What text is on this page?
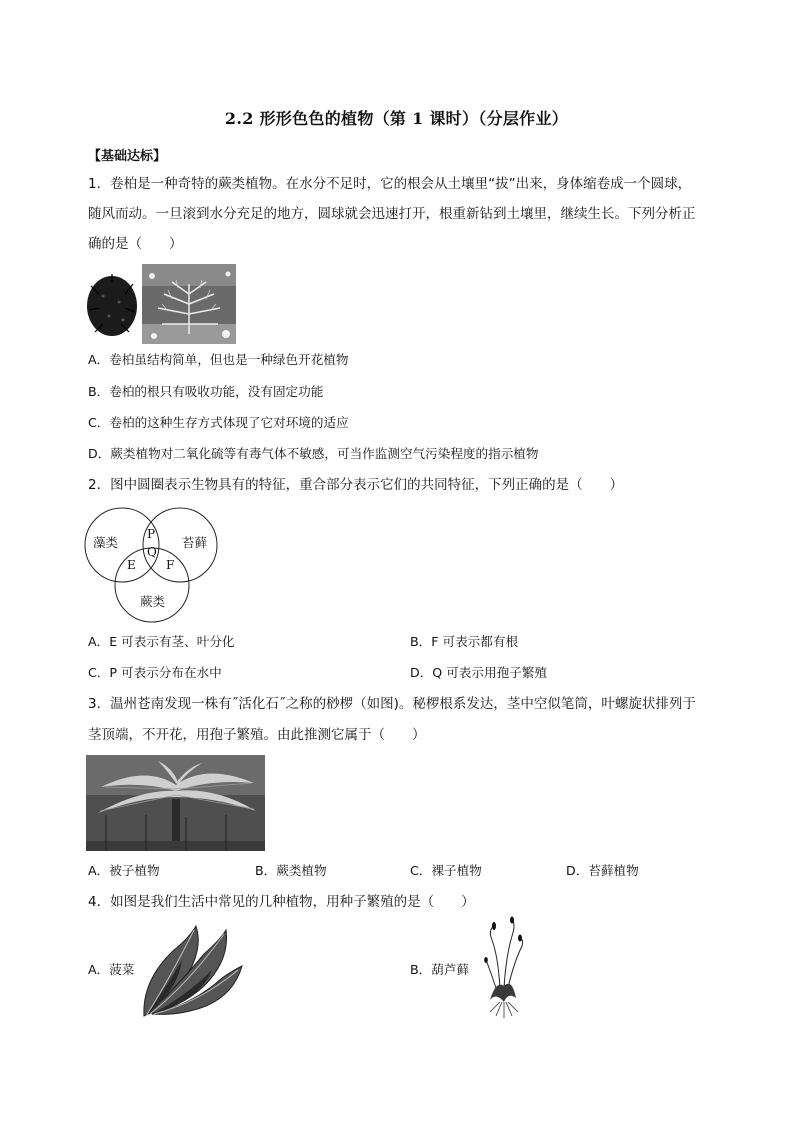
2.2 形形色色的植物（第 1 课时）（分层作业）
【基础达标】
1．卷柏是一种奇特的蕨类植物。在水分不足时，它的根会从土壤里“拔”出来，身体缩卷成一个圆球，
随风而动。一旦滚到水分充足的地方，圆球就会迅速打开，根重新钻到土壤里，继续生长。下列分析正
确的是（　　）
A．卷柏虽结构简单，但也是一种绿色开花植物
B．卷柏的根只有吸收功能，没有固定功能
C．卷柏的这种生存方式体现了它对环境的适应
D．蕨类植物对二氧化硫等有毒气体不敏感，可当作监测空气污染程度的指示植物
2．图中圆圈表示生物具有的特征，重合部分表示它们的共同特征，下列正确的是（　　）
藻类	苔藓
蕨类
P
Q
E	F
A．E 可表示有茎、叶分化	B．F 可表示都有根
C．P 可表示分布在水中	D．Q 可表示用孢子繁殖
3．温州苍南发现一株有˝活化石˝之称的桫椤（如图)。秘椤根系发达，茎中空似笔筒，叶螺旋状排列于
茎顶端，不开花，用孢子繁殖。由此推测它属于（　　）
A．被子植物	B．蕨类植物	C．裸子植物	D．苔藓植物
4．如图是我们生活中常见的几种植物，用种子繁殖的是（　　）
A．菠菜	B．葫芦藓
